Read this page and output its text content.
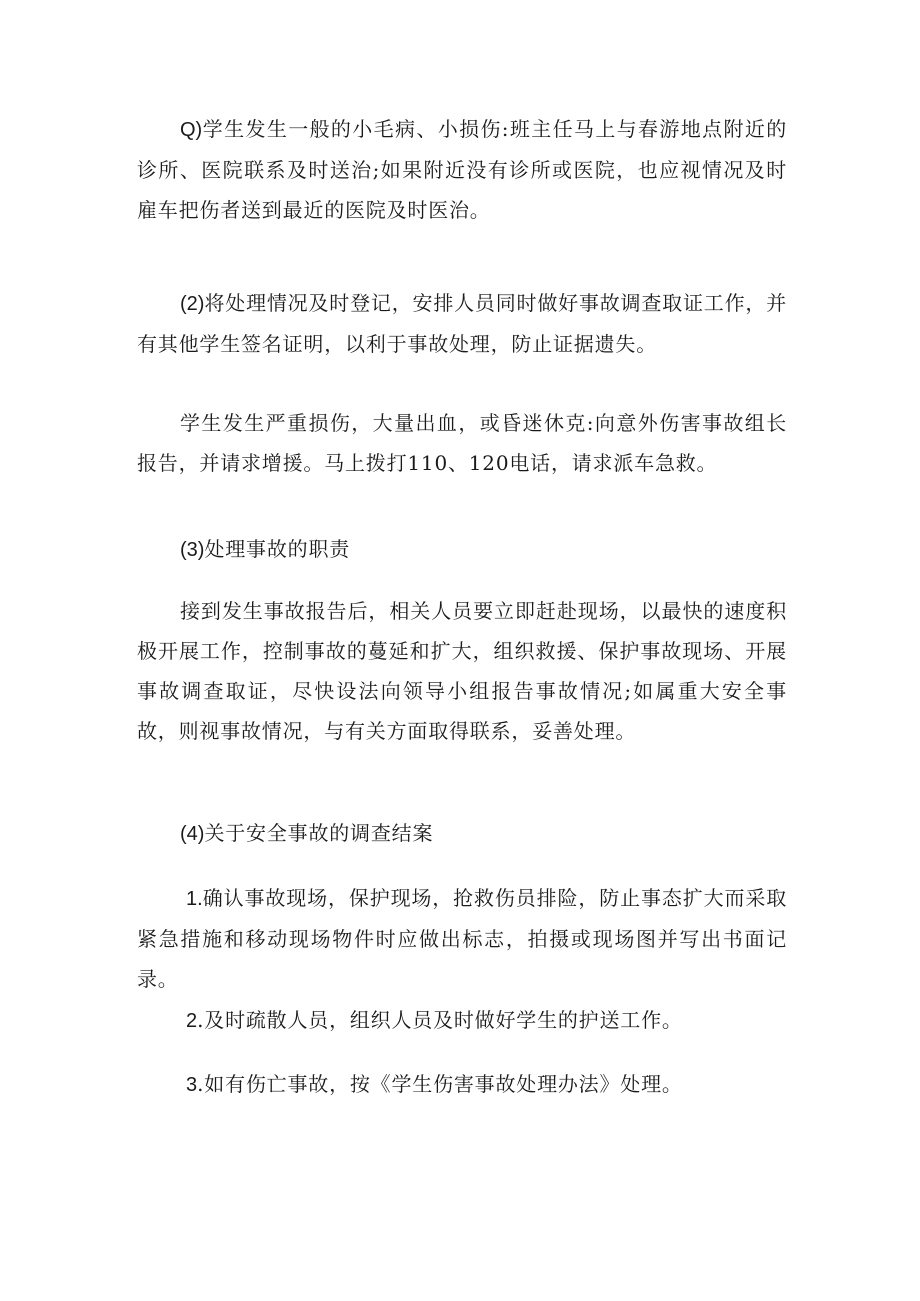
Q)学生发生一般的小毛病、小损伤:班主任马上与春游地点附近的诊所、医院联系及时送治;如果附近没有诊所或医院，也应视情况及时雇车把伤者送到最近的医院及时医治。

(2)将处理情况及时登记，安排人员同时做好事故调查取证工作，并有其他学生签名证明，以利于事故处理，防止证据遗失。

学生发生严重损伤，大量出血，或昏迷休克:向意外伤害事故组长报告，并请求增援。马上拨打110、120电话，请求派车急救。

(3)处理事故的职责

接到发生事故报告后，相关人员要立即赶赴现场，以最快的速度积极开展工作，控制事故的蔓延和扩大，组织救援、保护事故现场、开展事故调查取证，尽快设法向领导小组报告事故情况;如属重大安全事故，则视事故情况，与有关方面取得联系，妥善处理。

(4)关于安全事故的调查结案

1.确认事故现场，保护现场，抢救伤员排险，防止事态扩大而采取紧急措施和移动现场物件时应做出标志，拍摄或现场图并写出书面记录。

2.及时疏散人员，组织人员及时做好学生的护送工作。

3.如有伤亡事故，按《学生伤害事故处理办法》处理。
